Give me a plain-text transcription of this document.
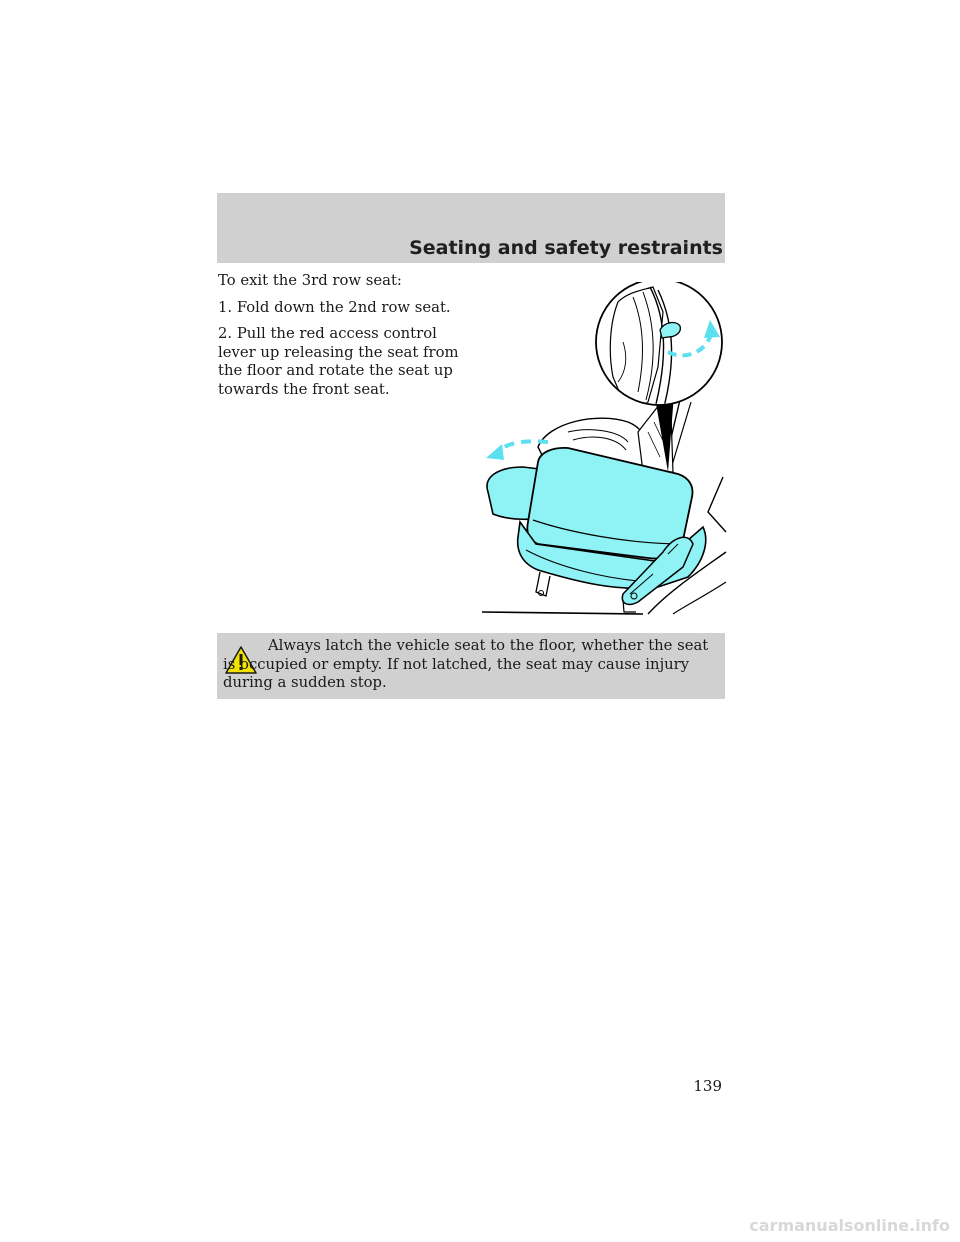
Seating and safety restraints

To exit the 3rd row seat:

1. Fold down the 2nd row seat.

2. Pull the red access control lever up releasing the seat from the floor and rotate the seat up towards the front seat.

Always latch the vehicle seat to the floor, whether the seat is occupied or empty. If not latched, the seat may cause injury during a sudden stop.
139
carmanualsonline.info
